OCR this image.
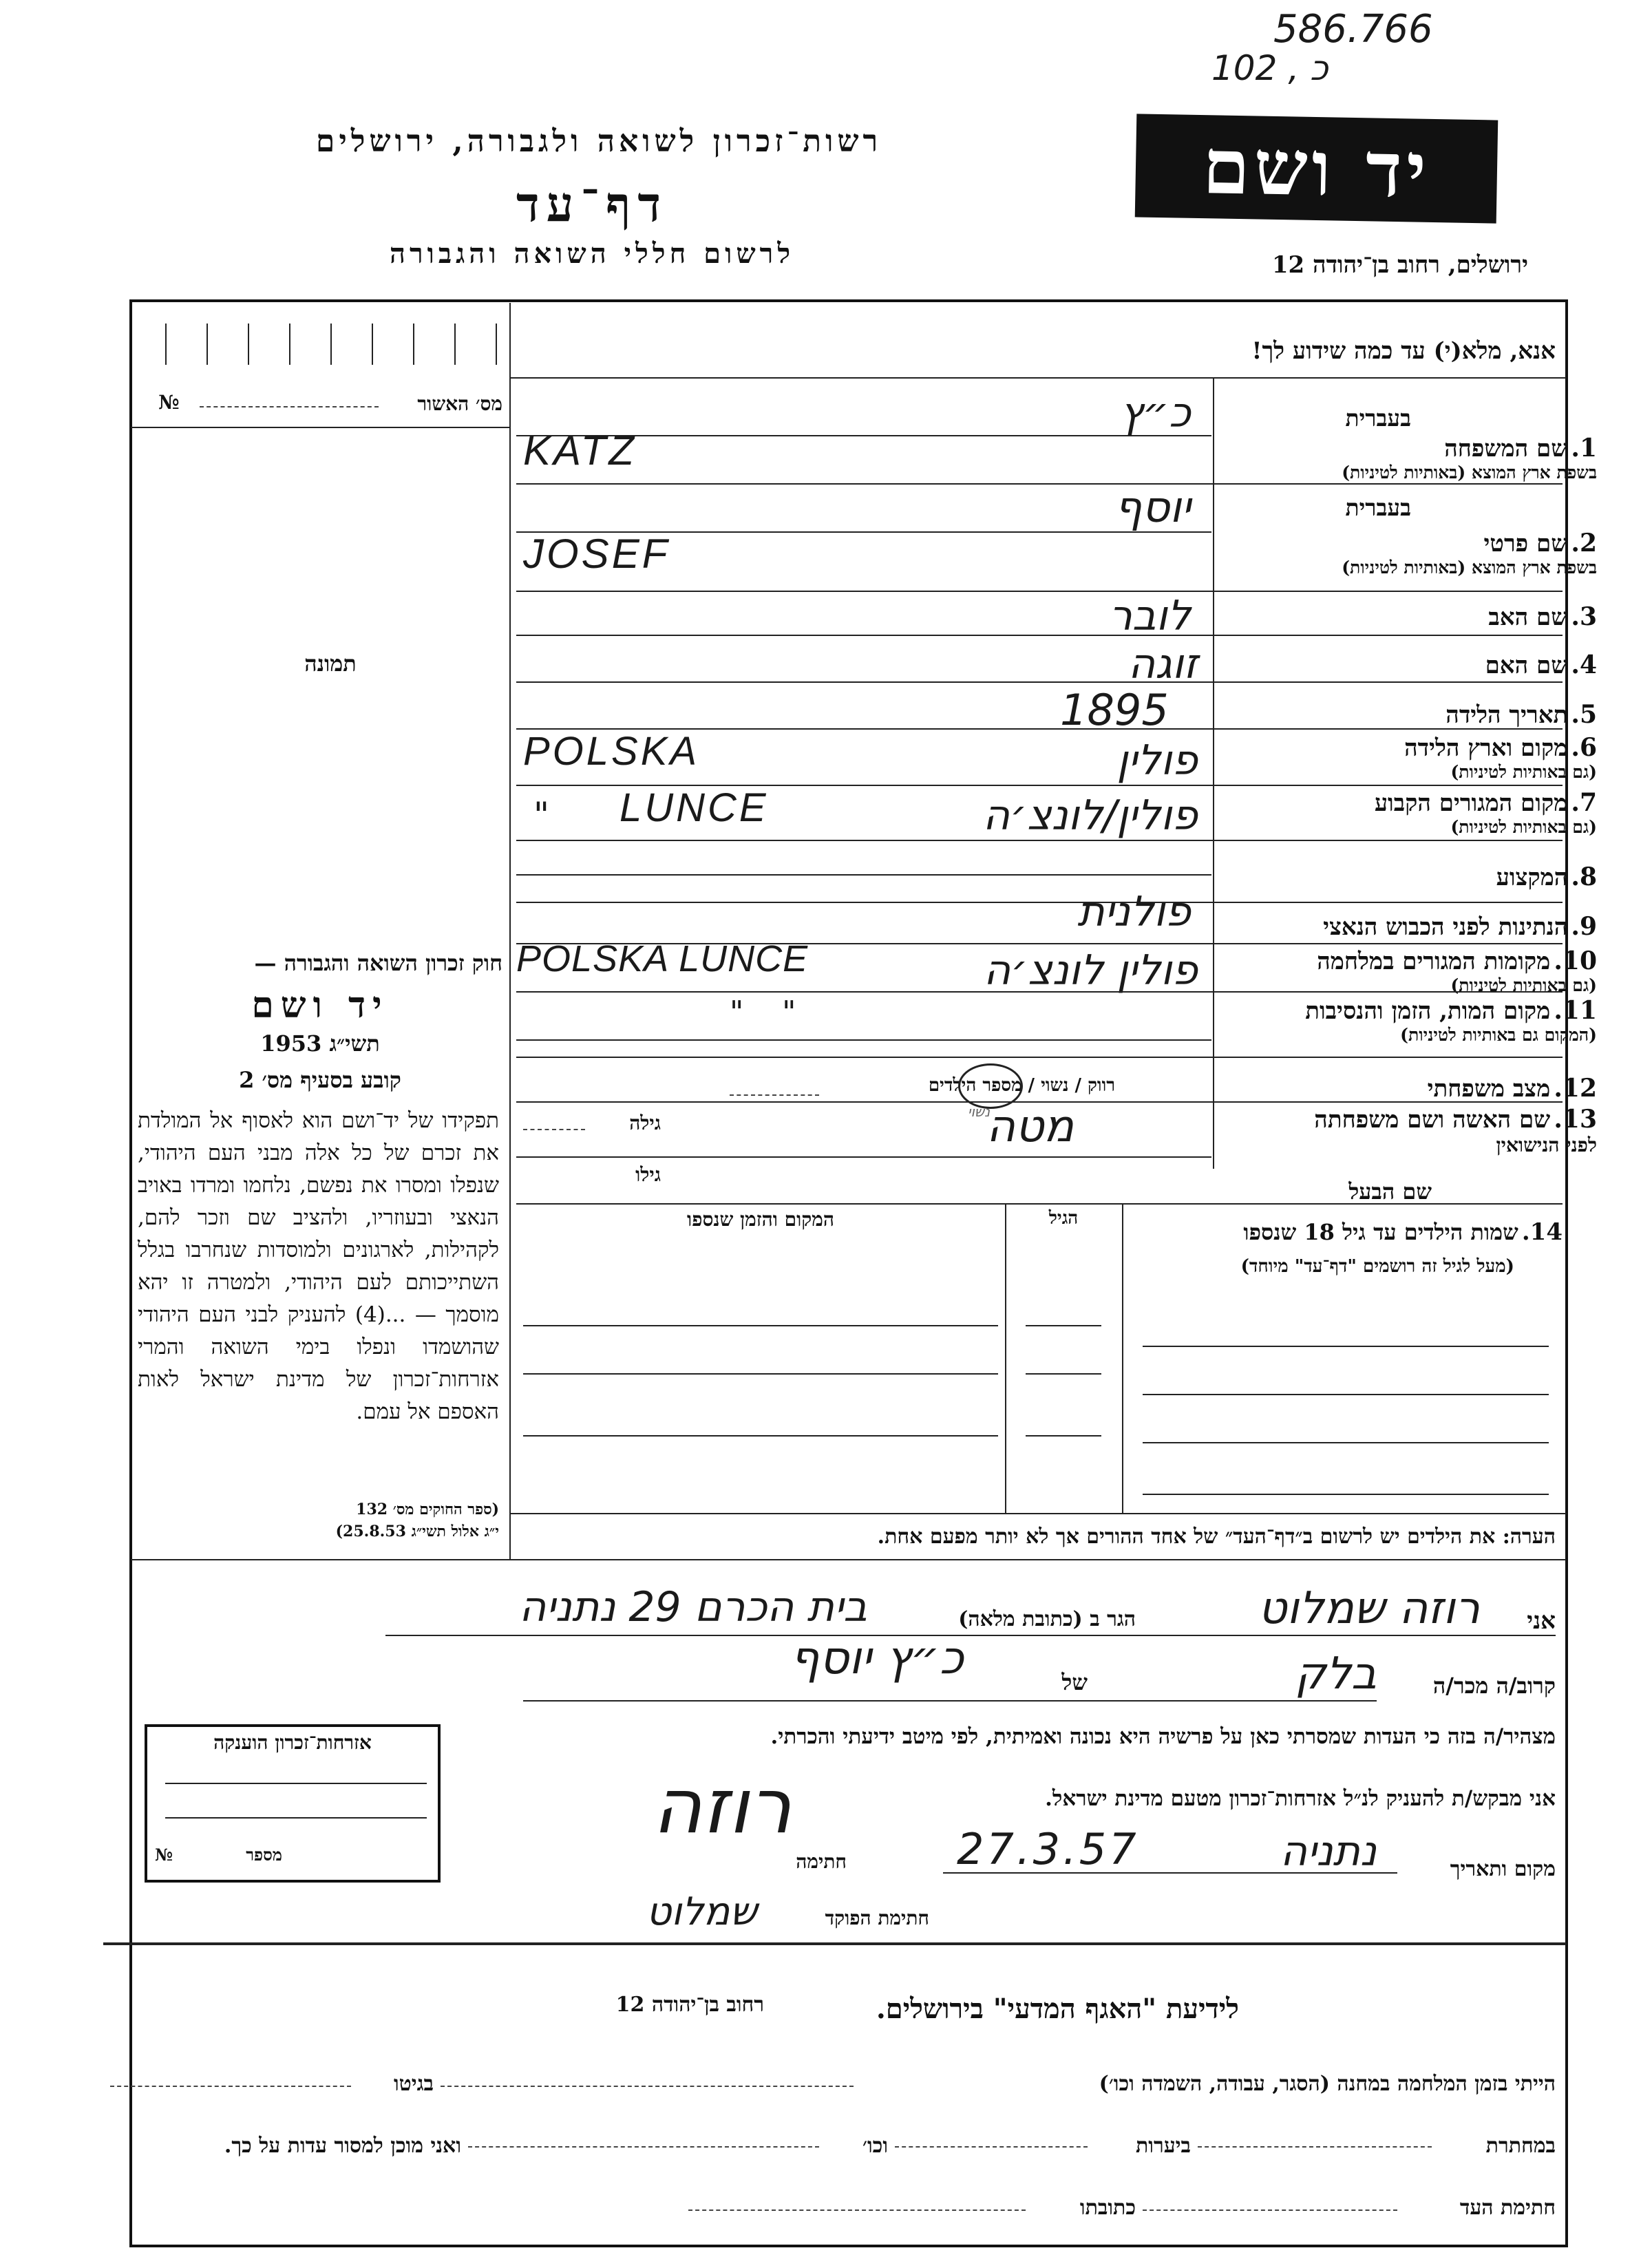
586.766
כ , 102
רשות־זכרון לשואה ולגבורה, ירושלים
דף־עד
לרשום חללי השואה והגבורה
יד ושם
ירושלים, רחוב בן־יהודה 12
מס׳ האשור
№
תמונה
חוק זכרון השואה והגבורה —
יד ושם
תשי״ג 1953
קובע בסעיף מס׳ 2
תפקידו של יד־ושם הוא לאסוף אל המולדת את זכרם של כל אלה מבני העם היהודי, שנפלו ומסרו את נפשם, נלחמו ומרדו באויב הנאצי ובעוזריו, ולהציב שם וזכר להם, לקהילות, לארגונים ולמוסדות שנחרבו בגלל השתייכותם לעם היהודי, ולמטרה זו יהא מוסמך — ...(4) להעניק לבני העם היהודי שהושמדו ונפלו בימי השואה והמרי אזרחות־זכרון של מדינת ישראל לאות האספם אל עמם.
(ספר החוקים מס׳ 132
י״ג אלול תשי״ג 25.8.53)
אנא, מלא(י) עד כמה שידוע לך!
בעברית
1. שם המשפחה
בשפת ארץ המוצא (באותיות לטיניות)
כ״ץ
KATZ
בעברית
2. שם פרטי
בשפת ארץ המוצא (באותיות לטיניות)
יוסף
JOSEF
3. שם האב
לובר
4. שם האם
זוגה
5. תאריך הלידה
1895
6. מקום וארץ הלידה
(גם באותיות לטיניות)
POLSKA	פולין
7. מקום המגורים הקבוע
(גם באותיות לטיניות)
" LUNCE	פולין/לונצ׳ה
8. המקצוע
9. הנתינות לפני הכבוש הנאצי
פולנית
10. מקומות המגורים במלחמה
(גם באותיות לטיניות)
POLSKA LUNCE	פולין לונצ׳ה
11. מקום המות, הזמן והנסיבות
(המקום גם באותיות לטיניות)
"    "
12. מצב משפחתי
רווק / נשוי / מספר הילדים
נשוי	13. שם האשה ושם משפחתה
לפני הנישואין
מטה
גילה
גילו
שם הבעל
14. שמות הילדים עד גיל 18 שנספו
(מעל לגיל זה רושמים "דף־עד" מיוחד)
הגיל
המקום והזמן שנספו
הערה: את הילדים יש לרשום ב״דף־העד״ של אחד ההורים אך לא יותר מפעם אחת.
אני
רוזה שמלוט
הגר ב (כתובת מלאה)
בית הכרם 29 נתניה
קרוב/ה מכר/ה
בלק
של
כ״ץ יוסף
מצהיר/ה בזה כי העדות שמסרתי כאן על פרשיה היא נכונה ואמיתית, לפי מיטב ידיעתי והכרתי.
אני מבקש/ת להעניק לנ״ל אזרחות־זכרון מטעם מדינת ישראל.
מקום ותאריך
נתניה
27.3.57
חתימה
רוזה
חתימת הפוקד
שמלוט
אזרחות־זכרון הוענקה
מספר
№
לידיעת "האגף המדעי" בירושלים.
רחוב בן־יהודה 12
הייתי בזמן המלחמה במחנה (הסגר, עבודה, השמדה וכו׳)
בגיטו
במחתרת
ביערות
וכו׳
ואני מוכן למסור עדות על כך.
חתימת העד
כתובתו
